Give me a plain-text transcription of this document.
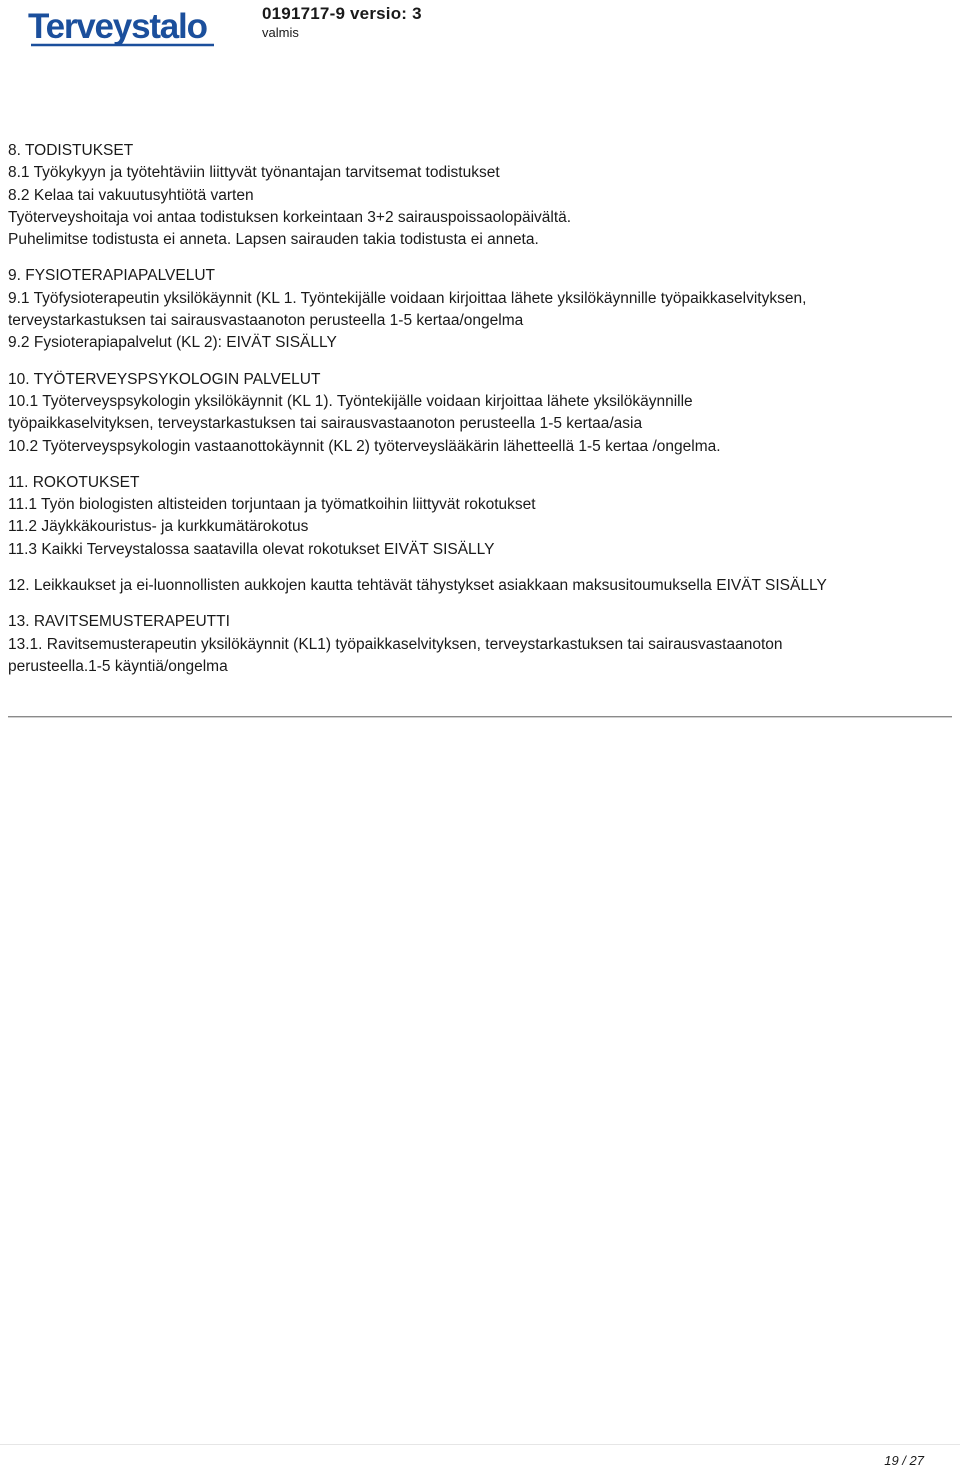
Terveystalo	0191717-9 versio: 3
valmis
8. TODISTUKSET
8.1 Työkykyyn ja työtehtäviin liittyvät työnantajan tarvitsemat todistukset
8.2 Kelaa tai vakuutusyhtiötä varten
Työterveyshoitaja voi antaa todistuksen korkeintaan 3+2 sairauspoissaolopäivältä.
Puhelimitse todistusta ei anneta. Lapsen sairauden takia todistusta ei anneta.
9. FYSIOTERAPIAPALVELUT
9.1 Työfysioterapeutin yksilökäynnit (KL 1. Työntekijälle voidaan kirjoittaa lähete yksilökäynnille työpaikkaselvityksen,
terveystarkastuksen tai sairausvastaanoton perusteella 1-5 kertaa/ongelma
9.2 Fysioterapiapalvelut (KL 2): EIVÄT SISÄLLY
10. TYÖTERVEYSPSYKOLOGIN PALVELUT
10.1 Työterveyspsykologin yksilökäynnit (KL 1). Työntekijälle voidaan kirjoittaa lähete yksilökäynnille
työpaikkaselvityksen, terveystarkastuksen tai sairausvastaanoton perusteella 1-5 kertaa/asia
10.2 Työterveyspsykologin vastaanottokäynnit (KL 2) työterveyslääkärin lähetteellä 1-5 kertaa /ongelma.
11. ROKOTUKSET
11.1 Työn biologisten altisteiden torjuntaan ja työmatkoihin liittyvät rokotukset
11.2 Jäykkäkouristus- ja kurkkumätärokotus
11.3 Kaikki Terveystalossa saatavilla olevat rokotukset EIVÄT SISÄLLY
12. Leikkaukset ja ei-luonnollisten aukkojen kautta tehtävät tähystykset asiakkaan maksusitoumuksella EIVÄT SISÄLLY
13. RAVITSEMUSTERAPEUTTI
13.1. Ravitsemusterapeutin yksilökäynnit (KL1) työpaikkaselvityksen, terveystarkastuksen tai sairausvastaanoton
perusteella.1-5 käyntiä/ongelma
19 / 27
